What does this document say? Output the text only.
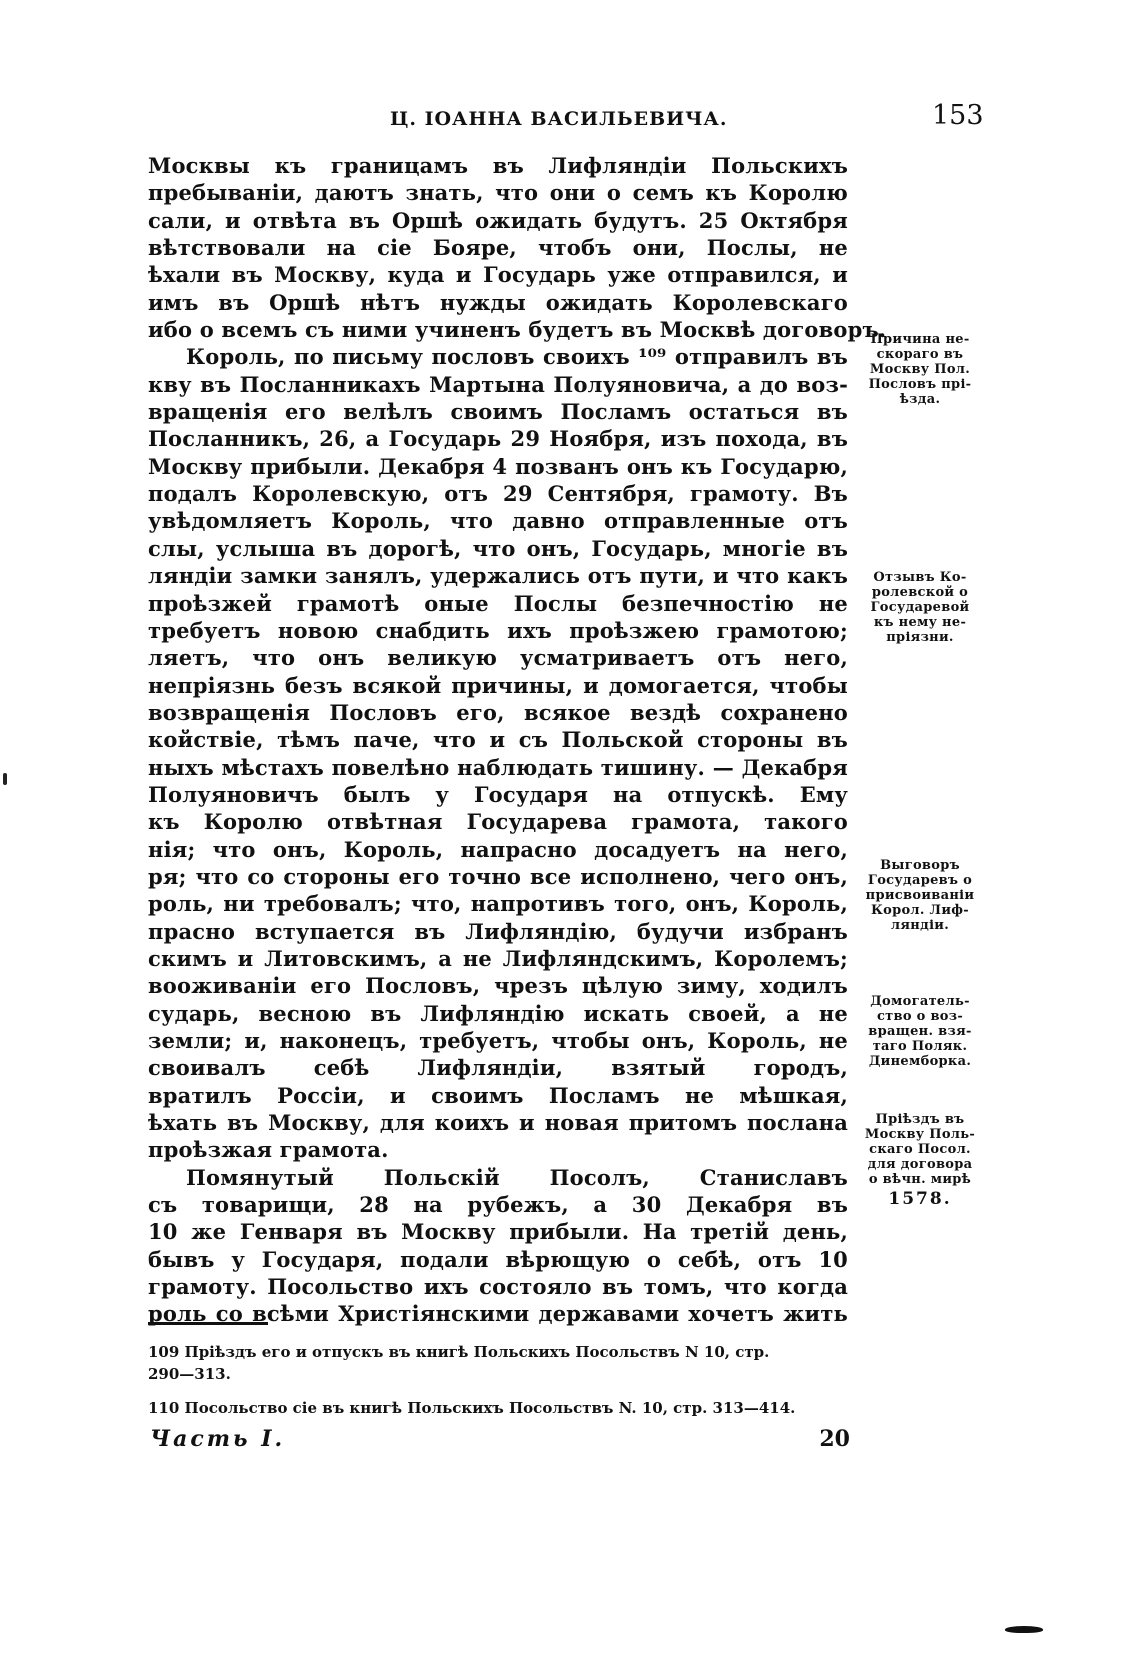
Ц. ІОАННА ВАСИЛЬЕВИЧА.	153
Москвы къ границамъ въ Лифляндіи Польскихъ
пребываніи, даютъ знать, что они о семъ къ Королю
сали, и отвѣта въ Оршѣ ожидать будутъ. 25 Октября
вѣтствовали на сіе Бояре, чтобъ они, Послы, не
ѣхали въ Москву, куда и Государь уже отправился, и
имъ въ Оршѣ нѣтъ нужды ожидать Королевскаго
ибо о всемъ съ ними учиненъ будетъ въ Москвѣ договоръ.
Король, по письму пословъ своихъ ¹⁰⁹ отправилъ въ
кву въ Посланникахъ Мартына Полуяновича, а до воз-
вращенія его велѣлъ своимъ Посламъ остаться въ
Посланникъ, 26, а Государь 29 Ноября, изъ похода, въ
Москву прибыли. Декабря 4 позванъ онъ къ Государю,
подалъ Королевскую, отъ 29 Сентября, грамоту. Въ
увѣдомляетъ Король, что давно отправленные отъ
слы, услыша въ дорогѣ, что онъ, Государь, многіе въ
ляндіи замки занялъ, удержались отъ пути, и что какъ
проѣзжей грамотѣ оные Послы безпечностію не
требуетъ новою снабдить ихъ проѣзжею грамотою;
ляетъ, что онъ великую усматриваетъ отъ него,
непріязнь безъ всякой причины, и домогается, чтобы
возвращенія Пословъ его, всякое вездѣ сохранено
койствіе, тѣмъ паче, что и съ Польской стороны въ
ныхъ мѣстахъ повелѣно наблюдать тишину. — Декабря
Полуяновичъ былъ у Государя на отпускѣ. Ему
къ Королю отвѣтная Государева грамота, такого
нія; что онъ, Король, напрасно досадуетъ на него,
ря; что со стороны его точно все исполнено, чего онъ,
роль, ни требовалъ; что, напротивъ того, онъ, Король,
прасно вступается въ Лифляндію, будучи избранъ
скимъ и Литовскимъ, а не Лифляндскимъ, Королемъ;
вооживаніи его Пословъ, чрезъ цѣлую зиму, ходилъ
сударь, весною въ Лифляндію искать своей, а не
земли; и, наконецъ, требуетъ, чтобы онъ, Король, не
своивалъ себѣ Лифляндіи, взятый городъ,
вратилъ Россіи, и своимъ Посламъ не мѣшкая,
ѣхать въ Москву, для коихъ и новая притомъ послана
проѣзжая грамота.
Помянутый Польскій Посолъ, Станиславъ
съ товарищи, 28 на рубежъ, а 30 Декабря въ
10 же Генваря въ Москву прибыли. На третій день,
бывъ у Государя, подали вѣрющую о себѣ, отъ 10
грамоту. Посольство ихъ состояло въ томъ, что когда
роль со всѣми Христіянскими державами хочетъ жить
Причина не-
скораго въ
Москву Пол.
Пословъ прі-
ѣзда.
Отзывъ Ко-
ролевской о
Государевой
къ нему не-
пріязни.
Выговоръ
Государевъ о
присвоиваніи
Корол. Лиф-
ляндіи.
Домогатель-
ство о воз-
вращен. взя-
таго Поляк.
Динемборка.
Пріѣздъ въ
Москву Поль-
скаго Посол.
для договора
о вѣчн. мирѣ
1578.
109 Пріѣздъ его и отпускъ въ книгѣ Польскихъ Посольствъ N 10, стр.
290—313.
110 Посольство сіе въ книгѣ Польскихъ Посольствъ N. 10, стр. 313—414.
Часть I.	20
